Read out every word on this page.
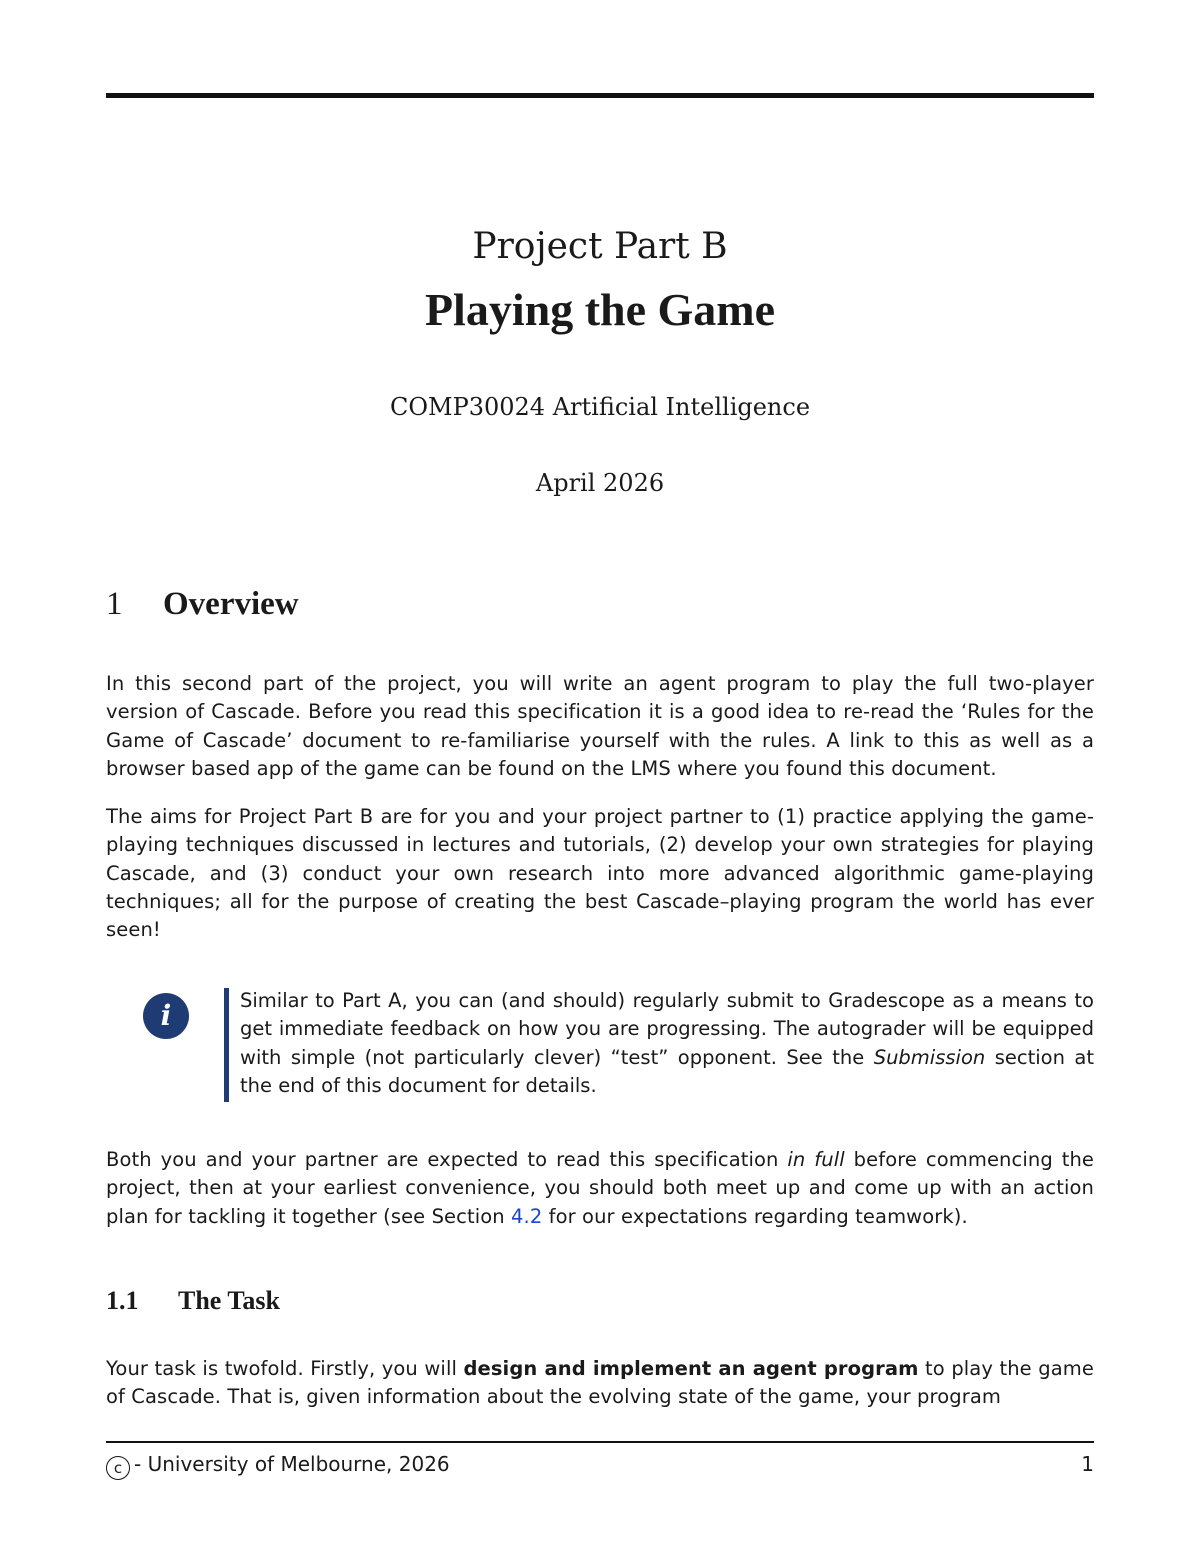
Project Part B
Playing the Game
COMP30024 Artificial Intelligence
April 2026
1 Overview
In this second part of the project, you will write an agent program to play the full two-player version of Cascade. Before you read this specification it is a good idea to re-read the ‘Rules for the Game of Cascade’ document to re-familiarise yourself with the rules. A link to this as well as a browser based app of the game can be found on the LMS where you found this document.
The aims for Project Part B are for you and your project partner to (1) practice applying the game-playing techniques discussed in lectures and tutorials, (2) develop your own strategies for playing Cascade, and (3) conduct your own research into more advanced algorithmic game-playing techniques; all for the purpose of creating the best Cascade–playing program the world has ever seen!
i	Similar to Part A, you can (and should) regularly submit to Gradescope as a means to get immediate feedback on how you are progressing. The autograder will be equipped with simple (not particularly clever) “test” opponent. See the Submission section at the end of this document for details.
Both you and your partner are expected to read this specification in full before commencing the project, then at your earliest convenience, you should both meet up and come up with an action plan for tackling it together (see Section 4.2 for our expectations regarding teamwork).
1.1 The Task
Your task is twofold. Firstly, you will design and implement an agent program to play the game of Cascade. That is, given information about the evolving state of the game, your program
c - University of Melbourne, 2026	1
